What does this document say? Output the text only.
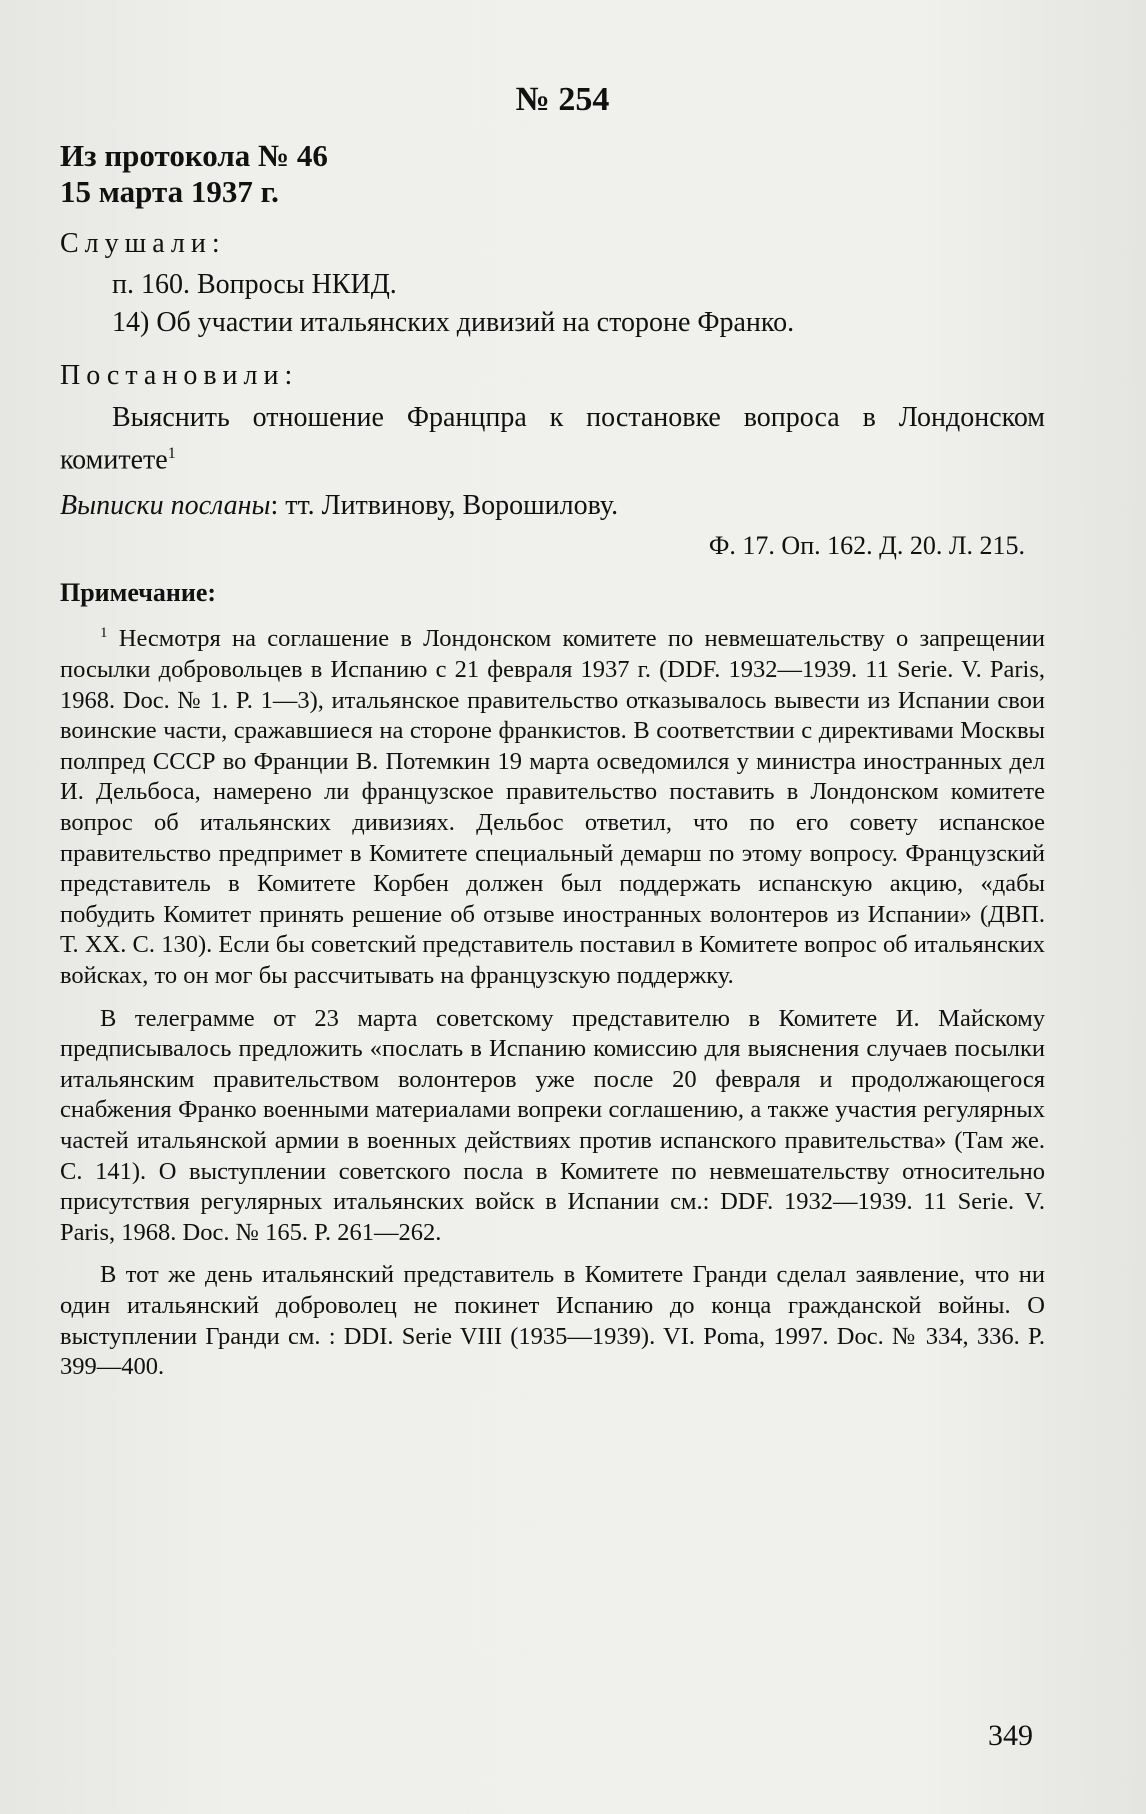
№ 254

Из протокола № 46

15 марта 1937 г.

Слушали:

п. 160. Вопросы НКИД.

14) Об участии итальянских дивизий на стороне Франко.

Постановили:

Выяснить отношение Францпра к постановке вопроса в Лондонском комитете$^1$

Выписки посланы: тт. Литвинову, Ворошилову.

Ф. 17. Оп. 162. Д. 20. Л. 215.

Примечание:

$^1$ Несмотря на соглашение в Лондонском комитете по невмешательству о запрещении посылки добровольцев в Испанию с 21 февраля 1937 г. (DDF. 1932—1939. 11 Serie. V. Paris, 1968. Doc. № 1. P. 1—3), итальянское правительство отказывалось вывести из Испании свои воинские части, сражавшиеся на стороне франкистов. В соответствии с директивами Москвы полпред СССР во Франции В. Потемкин 19 марта осведомился у министра иностранных дел И. Дельбоса, намерено ли французское правительство поставить в Лондонском комитете вопрос об итальянских дивизиях. Дельбос ответил, что по его совету испанское правительство предпримет в Комитете специальный демарш по этому вопросу. Французский представитель в Комитете Корбен должен был поддержать испанскую акцию, «дабы побудить Комитет принять решение об отзыве иностранных волонтеров из Испании» (ДВП. Т. XX. С. 130). Если бы советский представитель поставил в Комитете вопрос об итальянских войсках, то он мог бы рассчитывать на французскую поддержку.

В телеграмме от 23 марта советскому представителю в Комитете И. Майскому предписывалось предложить «послать в Испанию комиссию для выяснения случаев посылки итальянским правительством волонтеров уже после 20 февраля и продолжающегося снабжения Франко военными материалами вопреки соглашению, а также участия регулярных частей итальянской армии в военных действиях против испанского правительства» (Там же. С. 141). О выступлении советского посла в Комитете по невмешательству относительно присутствия регулярных итальянских войск в Испании см.: DDF. 1932—1939. 11 Serie. V. Paris, 1968. Doc. № 165. P. 261—262.

В тот же день итальянский представитель в Комитете Гранди сделал заявление, что ни один итальянский доброволец не покинет Испанию до конца гражданской войны. О выступлении Гранди см. : DDI. Serie VIII (1935—1939). VI. Poma, 1997. Doc. № 334, 336. P. 399—400.

349
